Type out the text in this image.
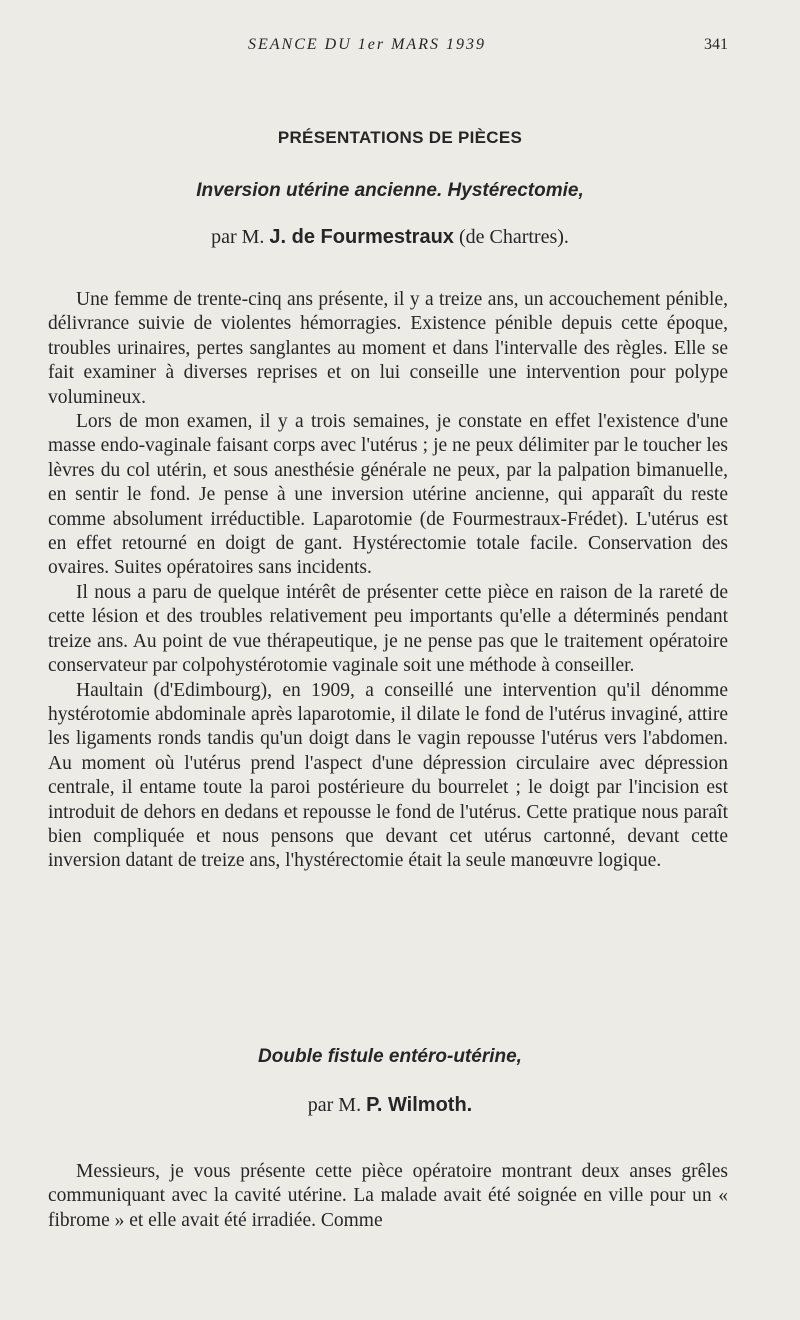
SEANCE DU 1er MARS 1939	341
PRÉSENTATIONS DE PIÈCES
Inversion utérine ancienne. Hystérectomie,
par M. J. de Fourmestraux (de Chartres).

Une femme de trente-cinq ans présente, il y a treize ans, un accouchement pénible, délivrance suivie de violentes hémorragies. Existence pénible depuis cette époque, troubles urinaires, pertes sanglantes au moment et dans l'intervalle des règles. Elle se fait examiner à diverses reprises et on lui conseille une intervention pour polype volumineux.

Lors de mon examen, il y a trois semaines, je constate en effet l'existence d'une masse endo-vaginale faisant corps avec l'utérus ; je ne peux délimiter par le toucher les lèvres du col utérin, et sous anesthésie générale ne peux, par la palpation bimanuelle, en sentir le fond. Je pense à une inversion utérine ancienne, qui apparaît du reste comme absolument irréductible. Laparotomie (de Fourmestraux-Frédet). L'utérus est en effet retourné en doigt de gant. Hystérectomie totale facile. Conservation des ovaires. Suites opératoires sans incidents.

Il nous a paru de quelque intérêt de présenter cette pièce en raison de la rareté de cette lésion et des troubles relativement peu importants qu'elle a déterminés pendant treize ans. Au point de vue thérapeutique, je ne pense pas que le traitement opératoire conservateur par colpohystérotomie vaginale soit une méthode à conseiller.

Haultain (d'Edimbourg), en 1909, a conseillé une intervention qu'il dénomme hystérotomie abdominale après laparotomie, il dilate le fond de l'utérus invaginé, attire les ligaments ronds tandis qu'un doigt dans le vagin repousse l'utérus vers l'abdomen. Au moment où l'utérus prend l'aspect d'une dépression circulaire avec dépression centrale, il entame toute la paroi postérieure du bourrelet ; le doigt par l'incision est introduit de dehors en dedans et repousse le fond de l'utérus. Cette pratique nous paraît bien compliquée et nous pensons que devant cet utérus cartonné, devant cette inversion datant de treize ans, l'hystérectomie était la seule manœuvre logique.

Double fistule entéro-utérine,
par M. P. Wilmoth.

Messieurs, je vous présente cette pièce opératoire montrant deux anses grêles communiquant avec la cavité utérine. La malade avait été soignée en ville pour un « fibrome » et elle avait été irradiée. Comme
